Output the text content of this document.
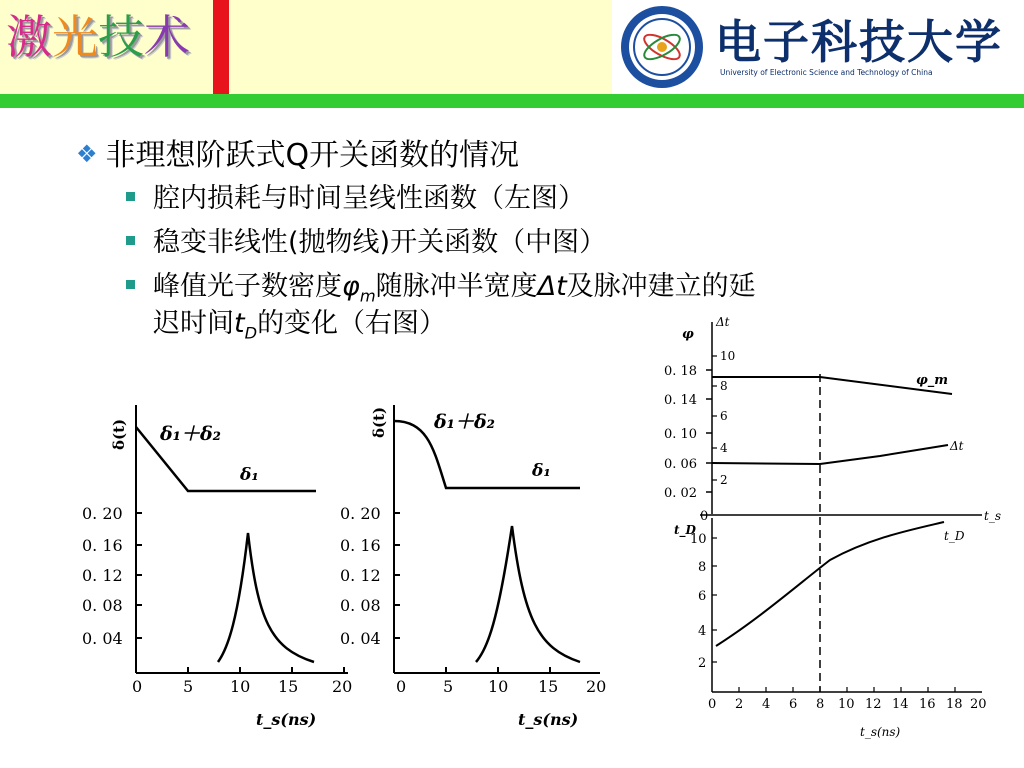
激光技术	电子科技大学
University of Electronic Science and Technology of China
❖ 非理想阶跃式Q开关函数的情况
腔内损耗与时间呈线性函数（左图）
稳变非线性(抛物线)开关函数（中图）
峰值光子数密度$\varphi_m$随脉冲半宽度Δt及脉冲建立的延
迟时间$t_D$的变化（右图）
δ(t) δ₁＋δ₂
δ₁
0. 20
0. 16
0. 12
0. 08
0. 04
0	5 10 15 20
t_s(ns)
δ(t) δ₁＋δ₂
δ₁
0. 20
0. 16
0. 12
0. 08
0. 04
0 5 10 15 20
t_s(ns)
φ
Δt
0. 18
0. 14
0. 10
0. 06
0. 02
10
8
6
4
2
φ_m
Δt
0	t_s
t_D
10
8
6
4
2
t_D
0 2 4 6 8 10 12 14 16 18 20
t_s(ns)
